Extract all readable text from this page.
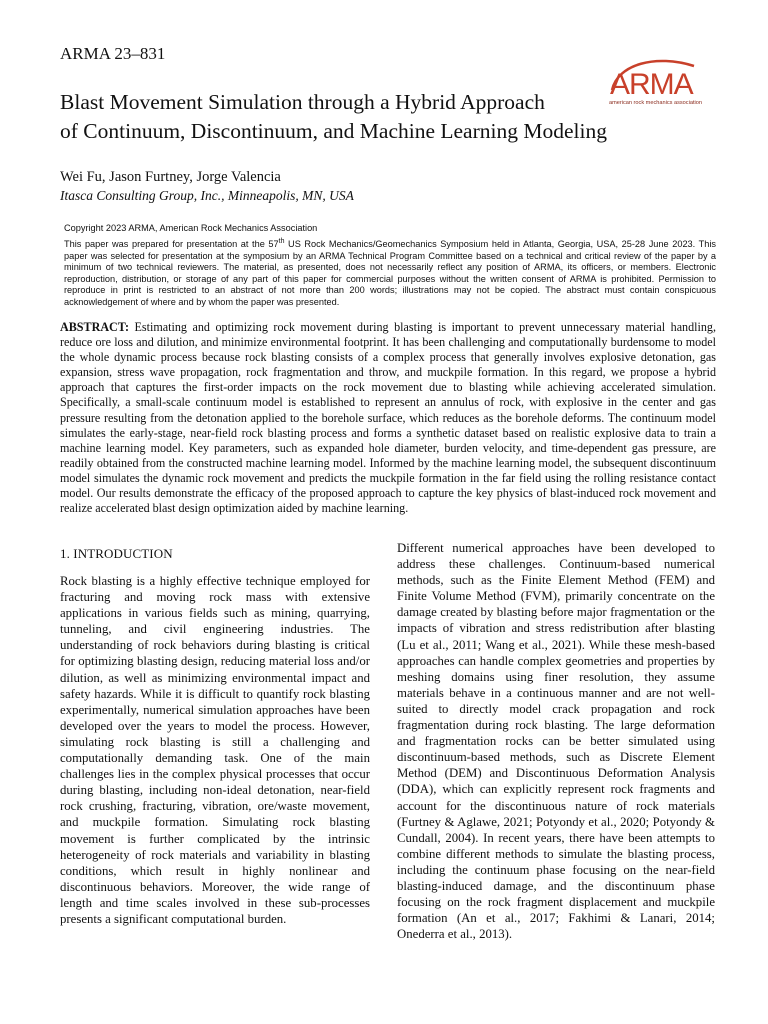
ARMA 23–831
ARMA
american rock mechanics association
Blast Movement Simulation through a Hybrid Approach
of Continuum, Discontinuum, and Machine Learning Modeling
Wei Fu, Jason Furtney, Jorge Valencia
Itasca Consulting Group, Inc., Minneapolis, MN, USA

Copyright 2023 ARMA, American Rock Mechanics Association

This paper was prepared for presentation at the 57th US Rock Mechanics/Geomechanics Symposium held in Atlanta, Georgia, USA, 25-28 June 2023. This paper was selected for presentation at the symposium by an ARMA Technical Program Committee based on a technical and critical review of the paper by a minimum of two technical reviewers. The material, as presented, does not necessarily reflect any position of ARMA, its officers, or members. Electronic reproduction, distribution, or storage of any part of this paper for commercial purposes without the written consent of ARMA is prohibited. Permission to reproduce in print is restricted to an abstract of not more than 200 words; illustrations may not be copied. The abstract must contain conspicuous acknowledgement of where and by whom the paper was presented.

ABSTRACT: Estimating and optimizing rock movement during blasting is important to prevent unnecessary material handling, reduce ore loss and dilution, and minimize environmental footprint. It has been challenging and computationally burdensome to model the whole dynamic process because rock blasting consists of a complex process that generally involves explosive detonation, gas expansion, stress wave propagation, rock fragmentation and throw, and muckpile formation. In this regard, we propose a hybrid approach that captures the first-order impacts on the rock movement due to blasting while achieving accelerated simulation. Specifically, a small-scale continuum model is established to represent an annulus of rock, with explosive in the center and gas pressure resulting from the detonation applied to the borehole surface, which reduces as the borehole deforms. The continuum model simulates the early-stage, near-field rock blasting process and forms a synthetic dataset based on realistic explosive data to train a machine learning model. Key parameters, such as expanded hole diameter, burden velocity, and time-dependent gas pressure, are readily obtained from the constructed machine learning model. Informed by the machine learning model, the subsequent discontinuum model simulates the dynamic rock movement and predicts the muckpile formation in the far field using the rolling resistance contact model. Our results demonstrate the efficacy of the proposed approach to capture the key physics of blast-induced rock movement and realize accelerated blast design optimization aided by machine learning.
1. INTRODUCTION

Rock blasting is a highly effective technique employed for fracturing and moving rock mass with extensive applications in various fields such as mining, quarrying, tunneling, and civil engineering industries. The understanding of rock behaviors during blasting is critical for optimizing blasting design, reducing material loss and/or dilution, as well as minimizing environmental impact and safety hazards. While it is difficult to quantify rock blasting experimentally, numerical simulation approaches have been developed over the years to model the process. However, simulating rock blasting is still a challenging and computationally demanding task. One of the main challenges lies in the complex physical processes that occur during blasting, including non-ideal detonation, near-field rock crushing, fracturing, vibration, ore/waste movement, and muckpile formation. Simulating rock blasting movement is further complicated by the intrinsic heterogeneity of rock materials and variability in blasting conditions, which result in highly nonlinear and discontinuous behaviors. Moreover, the wide range of length and time scales involved in these sub-processes presents a significant computational burden.

Different numerical approaches have been developed to address these challenges. Continuum-based numerical methods, such as the Finite Element Method (FEM) and Finite Volume Method (FVM), primarily concentrate on the damage created by blasting before major fragmentation or the impacts of vibration and stress redistribution after blasting (Lu et al., 2011; Wang et al., 2021). While these mesh-based approaches can handle complex geometries and properties by meshing domains using finer resolution, they assume materials behave in a continuous manner and are not well-suited to directly model crack propagation and rock fragmentation during rock blasting. The large deformation and fragmentation rocks can be better simulated using discontinuum-based methods, such as Discrete Element Method (DEM) and Discontinuous Deformation Analysis (DDA), which can explicitly represent rock fragments and account for the discontinuous nature of rock materials (Furtney & Aglawe, 2021; Potyondy et al., 2020; Potyondy & Cundall, 2004). In recent years, there have been attempts to combine different methods to simulate the blasting process, including the continuum phase focusing on the near-field blasting-induced damage, and the discontinuum phase focusing on the rock fragment displacement and muckpile formation (An et al., 2017; Fakhimi & Lanari, 2014; Onederra et al., 2013).
